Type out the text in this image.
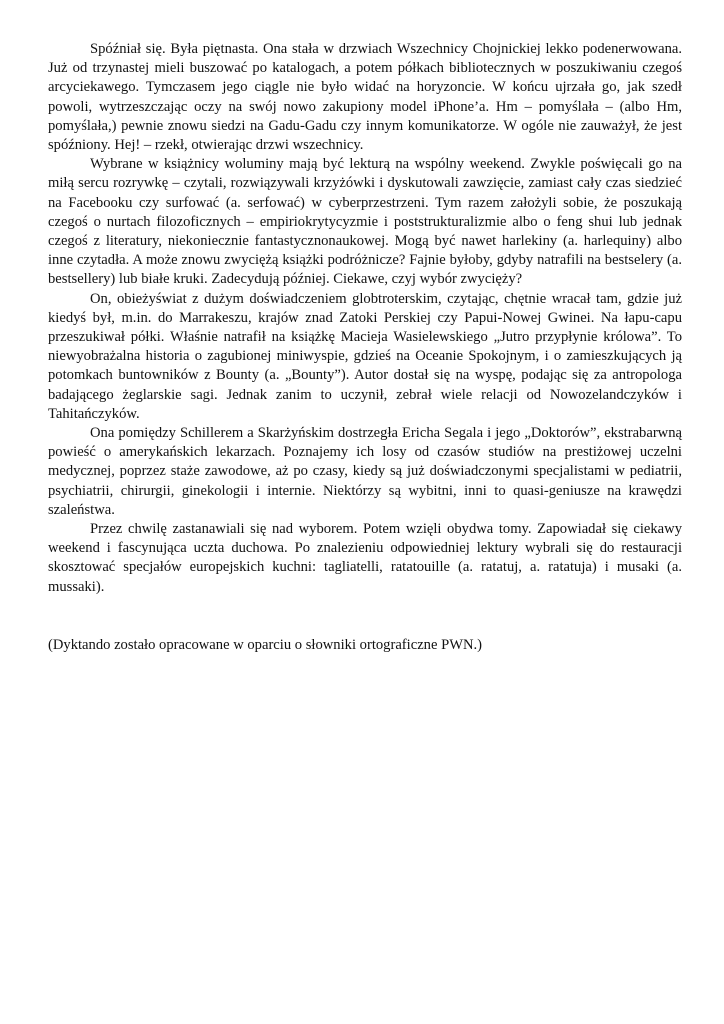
Spóźniał się. Była piętnasta. Ona stała w drzwiach Wszechnicy Chojnickiej lekko podenerwowana. Już od trzynastej mieli buszować po katalogach, a potem półkach bibliotecznych w poszukiwaniu czegoś arcyciekawego. Tymczasem jego ciągle nie było widać na horyzoncie. W końcu ujrzała go, jak szedł powoli, wytrzeszczając oczy na swój nowo zakupiony model iPhone’a. Hm – pomyślała – (albo Hm, pomyślała,) pewnie znowu siedzi na Gadu-Gadu czy innym komunikatorze. W ogóle nie zauważył, że jest spóźniony. Hej! – rzekł, otwierając drzwi wszechnicy.

Wybrane w książnicy woluminy mają być lekturą na wspólny weekend. Zwykle poświęcali go na miłą sercu rozrywkę – czytali, rozwiązywali krzyżówki i dyskutowali zawzięcie, zamiast cały czas siedzieć na Facebooku czy surfować (a. serfować) w cyberprzestrzeni. Tym razem założyli sobie, że poszukają czegoś o nurtach filozoficznych – empiriokrytycyzmie i poststrukturalizmie albo o feng shui lub jednak czegoś z literatury, niekoniecznie fantastycznonaukowej. Mogą być nawet harlekiny (a. harlequiny) albo inne czytadła. A może znowu zwyciężą książki podróżnicze? Fajnie byłoby, gdyby natrafili na bestselery (a. bestsellery) lub białe kruki. Zadecydują później. Ciekawe, czyj wybór zwycięży?

On, obieżyświat z dużym doświadczeniem globtroterskim, czytając, chętnie wracał tam, gdzie już kiedyś był, m.in. do Marrakeszu, krajów znad Zatoki Perskiej czy Papui-Nowej Gwinei. Na łapu-capu przeszukiwał półki. Właśnie natrafił na książkę Macieja Wasielewskiego „Jutro przypłynie królowa”. To niewyobrażalna historia o zagubionej miniwyspie, gdzieś na Oceanie Spokojnym, i o zamieszkujących ją potomkach buntowników z Bounty (a. „Bounty”). Autor dostał się na wyspę, podając się za antropologa badającego żeglarskie sagi. Jednak zanim to uczynił, zebrał wiele relacji od Nowozelandczyków i Tahitańczyków.

Ona pomiędzy Schillerem a Skarżyńskim dostrzegła Ericha Segala i jego „Doktorów”, ekstrabarwną powieść o amerykańskich lekarzach. Poznajemy ich losy od czasów studiów na prestiżowej uczelni medycznej, poprzez staże zawodowe, aż po czasy, kiedy są już doświadczonymi specjalistami w pediatrii, psychiatrii, chirurgii, ginekologii i internie. Niektórzy są wybitni, inni to quasi-geniusze na krawędzi szaleństwa.

Przez chwilę zastanawiali się nad wyborem. Potem wzięli obydwa tomy. Zapowiadał się ciekawy weekend i fascynująca uczta duchowa. Po znalezieniu odpowiedniej lektury wybrali się do restauracji skosztować specjałów europejskich kuchni: tagliatelli, ratatouille (a. ratatuj, a. ratatuja) i musaki (a. mussaki).

(Dyktando zostało opracowane w oparciu o słowniki ortograficzne PWN.)
